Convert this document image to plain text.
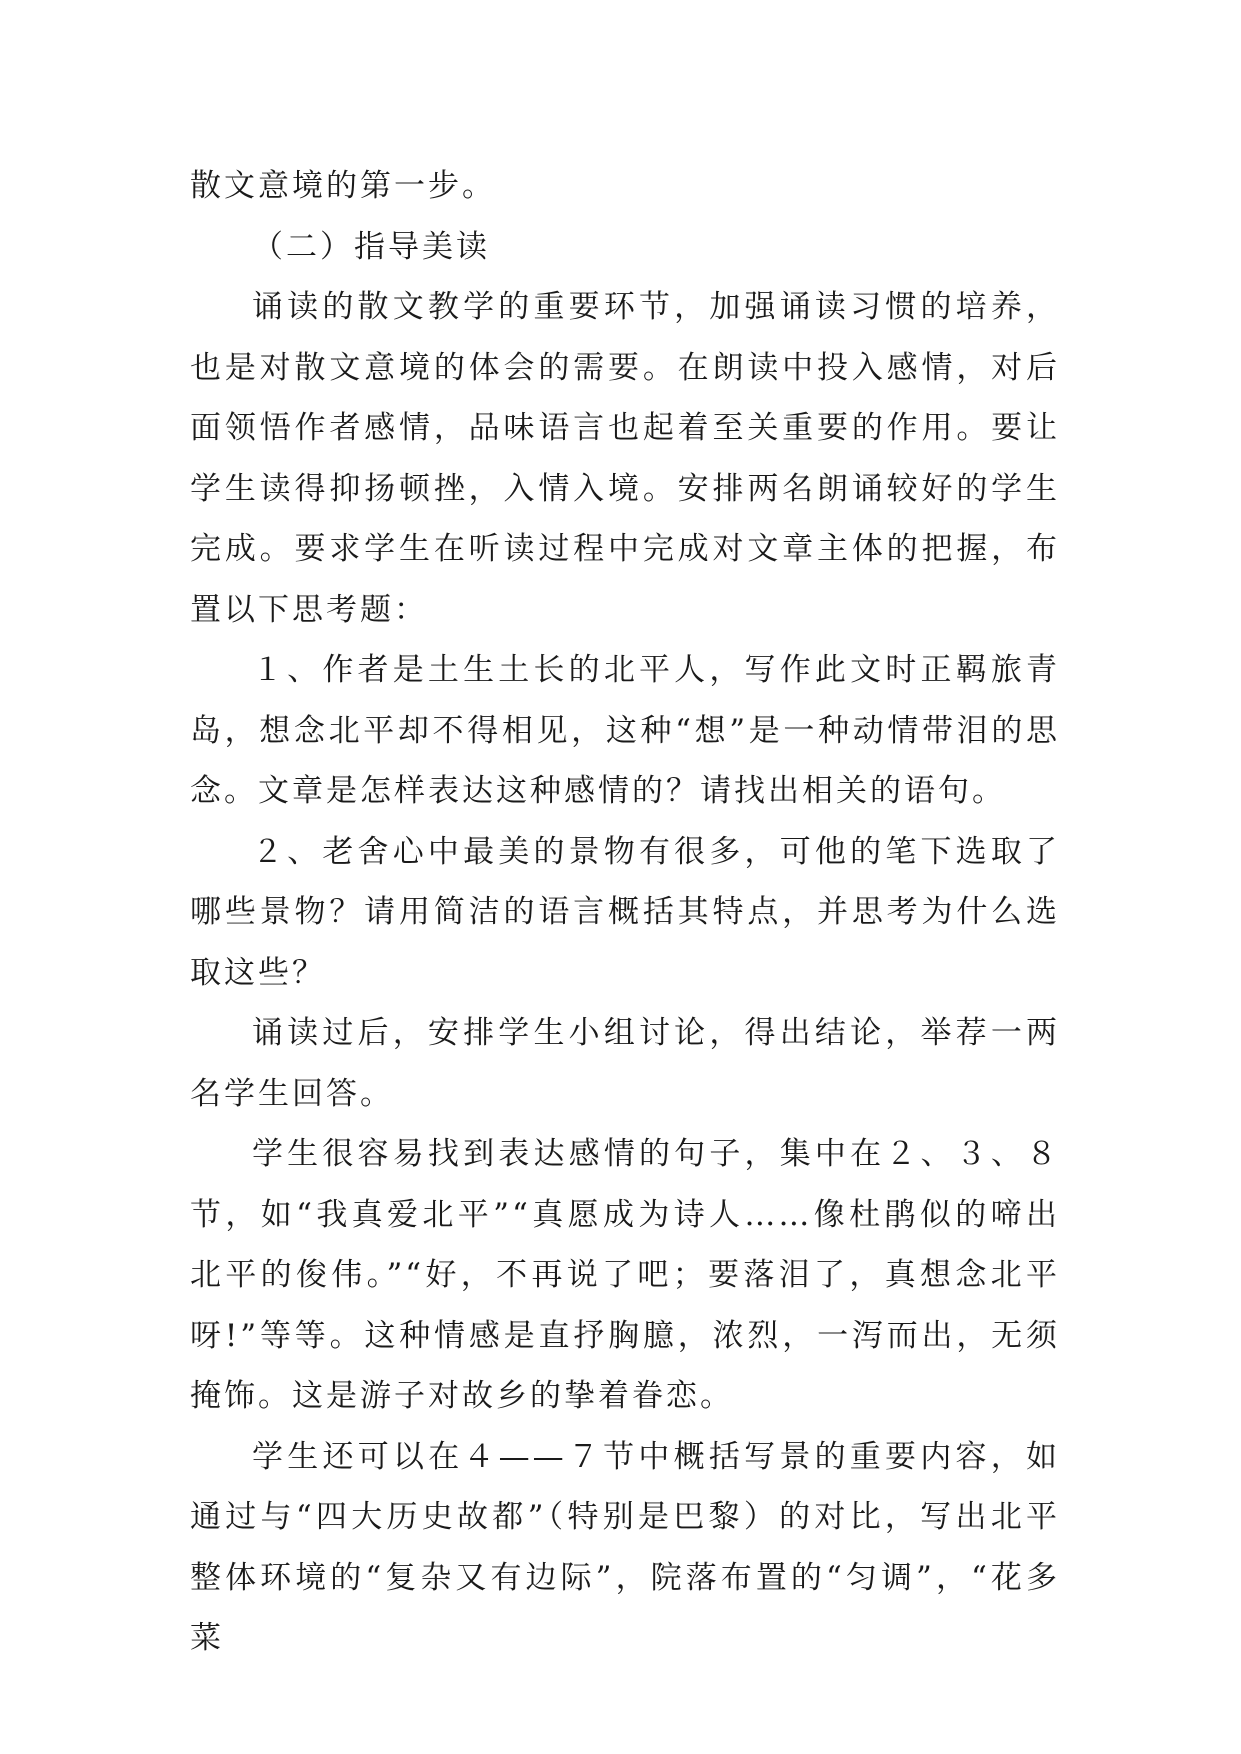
散文意境的第一步。

（二）指导美读

诵读的散文教学的重要环节，加强诵读习惯的培养，也是对散文意境的体会的需要。在朗读中投入感情，对后面领悟作者感情，品味语言也起着至关重要的作用。要让学生读得抑扬顿挫，入情入境。安排两名朗诵较好的学生完成。要求学生在听读过程中完成对文章主体的把握，布置以下思考题：

１、作者是土生土长的北平人，写作此文时正羁旅青岛，想念北平却不得相见，这种“想”是一种动情带泪的思念。文章是怎样表达这种感情的？请找出相关的语句。

２、老舍心中最美的景物有很多，可他的笔下选取了哪些景物？请用简洁的语言概括其特点，并思考为什么选取这些？

诵读过后，安排学生小组讨论，得出结论，举荐一两名学生回答。

学生很容易找到表达感情的句子，集中在２、３、８节，如“我真爱北平”“真愿成为诗人……像杜鹃似的啼出北平的俊伟。”“好，不再说了吧；要落泪了，真想念北平呀!”等等。这种情感是直抒胸臆，浓烈，一泻而出，无须掩饰。这是游子对故乡的挚着眷恋。

学生还可以在４——７节中概括写景的重要内容，如通过与“四大历史故都”（特别是巴黎）的对比，写出北平整体环境的“复杂又有边际”，院落布置的“匀调”，“花多菜
